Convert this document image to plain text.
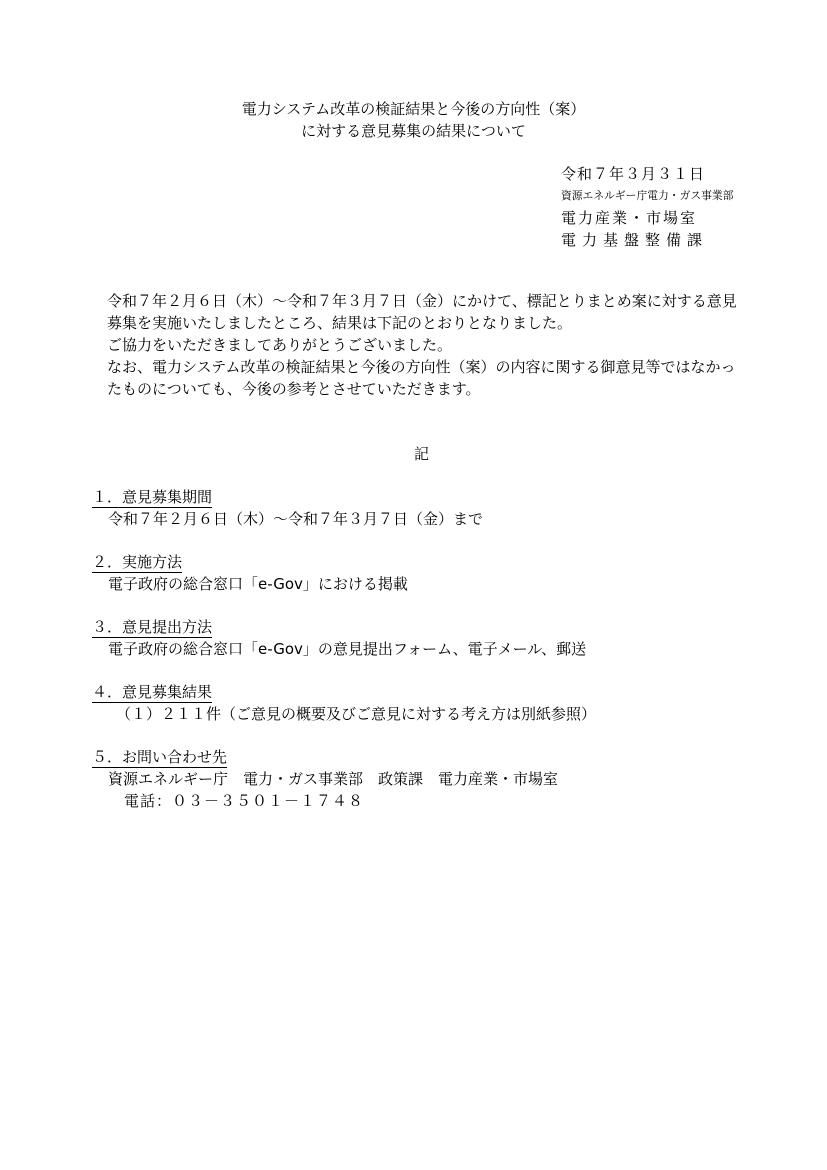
電力システム改革の検証結果と今後の方向性（案）
に対する意見募集の結果について
令和７年３月３１日
資源エネルギー庁電力・ガス事業部
電力産業・市場室
電力基盤整備課

令和７年２月６日（木）～令和７年３月７日（金）にかけて、標記とりまとめ案に対する意見募集を実施いたしましたところ、結果は下記のとおりとなりました。

ご協力をいただきましてありがとうございました。

なお、電力システム改革の検証結果と今後の方向性（案）の内容に関する御意見等ではなかったものについても、今後の参考とさせていただきます。

記
１．意見募集期間
令和７年２月６日（木）～令和７年３月７日（金）まで
２．実施方法
電子政府の総合窓口「e-Gov」における掲載
３．意見提出方法
電子政府の総合窓口「e-Gov」の意見提出フォーム、電子メール、郵送
４．意見募集結果
（１）２１１件（ご意見の概要及びご意見に対する考え方は別紙参照）
５．お問い合わせ先
資源エネルギー庁　電力・ガス事業部　政策課　電力産業・市場室
電話：０３－３５０１－１７４８
